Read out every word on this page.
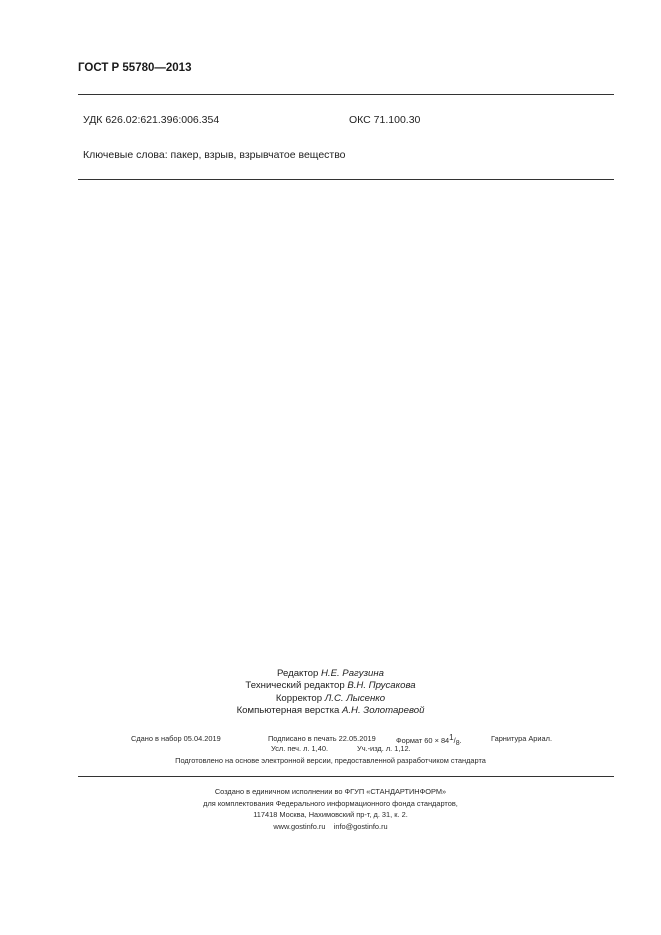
ГОСТ Р 55780—2013
УДК 626.02:621.396:006.354	ОКС 71.100.30
Ключевые слова: пакер, взрыв, взрывчатое вещество
Редактор Н.Е. Рагузина
Технический редактор В.Н. Прусакова
Корректор Л.С. Лысенко
Компьютерная верстка А.Н. Золотаревой
Сдано в набор 05.04.2019	Подписано в печать 22.05.2019	Формат $60 \times 84^1/_8$.	Гарнитура Ариал.
Усл. печ. л. 1,40.	Уч.-изд. л. 1,12.
Подготовлено на основе электронной версии, предоставленной разработчиком стандарта
Создано в единичном исполнении во ФГУП «СТАНДАРТИНФОРМ»
для комплектования Федерального информационного фонда стандартов,
117418 Москва, Нахимовский пр-т, д. 31, к. 2.
www.gostinfo.ru info@gostinfo.ru
